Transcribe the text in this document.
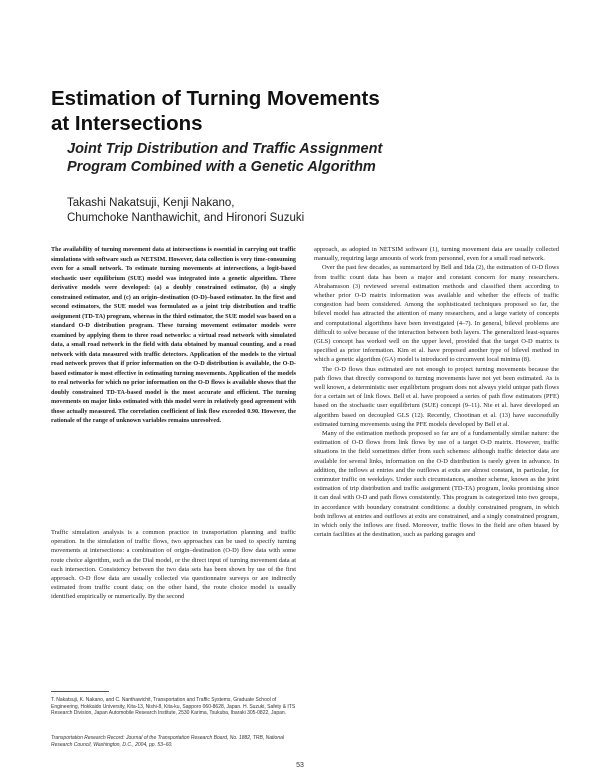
Estimation of Turning Movements
at Intersections
Joint Trip Distribution and Traffic Assignment
Program Combined with a Genetic Algorithm
Takashi Nakatsuji, Kenji Nakano,
Chumchoke Nanthawichit, and Hironori Suzuki

The availability of turning movement data at intersections is essential in carrying out traffic simulations with software such as NETSIM. However, data collection is very time-consuming even for a small network. To estimate turning movements at intersections, a logit-based stochastic user equilibrium (SUE) model was integrated into a genetic algorithm. Three derivative models were developed: (a) a doubly constrained estimator, (b) a singly constrained estimator, and (c) an origin–destination (O-D)–based estimator. In the first and second estimators, the SUE model was formulated as a joint trip distribution and traffic assignment (TD-TA) program, whereas in the third estimator, the SUE model was based on a standard O-D distribution program. These turning movement estimator models were examined by applying them to three road networks: a virtual road network with simulated data, a small road network in the field with data obtained by manual counting, and a road network with data measured with traffic detectors. Application of the models to the virtual road network proves that if prior information on the O-D distribution is available, the O-D-based estimator is most effective in estimating turning movements. Application of the models to real networks for which no prior information on the O-D flows is available shows that the doubly constrained TD-TA-based model is the most accurate and efficient. The turning movements on major links estimated with this model were in relatively good agreement with those actually measured. The correlation coefficient of link flow exceeded 0.90. However, the rationale of the range of unknown variables remains unresolved.

Traffic simulation analysis is a common practice in transportation planning and traffic operation. In the simulation of traffic flows, two approaches can be used to specify turning movements at intersections: a combination of origin–destination (O-D) flow data with some route choice algorithm, such as the Dial model, or the direct input of turning movement data at each intersection. Consistency between the two data sets has been shown by use of the first approach. O-D flow data are usually collected via questionnaire surveys or are indirectly estimated from traffic count data; on the other hand, the route choice model is usually identified empirically or numerically. By the second

approach, as adopted in NETSIM software (1), turning movement data are usually collected manually, requiring large amounts of work from personnel, even for a small road network.

Over the past few decades, as summarized by Bell and Iida (2), the estimation of O-D flows from traffic count data has been a major and constant concern for many researchers. Abrahamsson (3) reviewed several estimation methods and classified them according to whether prior O-D matrix information was available and whether the effects of traffic congestion had been considered. Among the sophisticated techniques proposed so far, the bilevel model has attracted the attention of many researchers, and a large variety of concepts and computational algorithms have been investigated (4–7). In general, bilevel problems are difficult to solve because of the interaction between both layers. The generalized least-squares (GLS) concept has worked well on the upper level, provided that the target O-D matrix is specified as prior information. Kim et al. have proposed another type of bilevel method in which a genetic algorithm (GA) model is introduced to circumvent local minima (8).

The O-D flows thus estimated are not enough to project turning movements because the path flows that directly correspond to turning movements have not yet been estimated. As is well known, a deterministic user equilibrium program does not always yield unique path flows for a certain set of link flows. Bell et al. have proposed a series of path flow estimators (PFE) based on the stochastic user equilibrium (SUE) concept (9–11). Nie et al. have developed an algorithm based on decoupled GLS (12). Recently, Chootinan et al. (13) have successfully estimated turning movements using the PFE models developed by Bell et al.

Many of the estimation methods proposed so far are of a fundamentally similar nature: the estimation of O-D flows from link flows by use of a target O-D matrix. However, traffic situations in the field sometimes differ from such schemes: although traffic detector data are available for several links, information on the O-D distribution is rarely given in advance. In addition, the inflows at entries and the outflows at exits are almost constant, in particular, for commuter traffic on weekdays. Under such circumstances, another scheme, known as the joint estimation of trip distribution and traffic assignment (TD-TA) program, looks promising since it can deal with O-D and path flows consistently. This program is categorized into two groups, in accordance with boundary constraint conditions: a doubly constrained program, in which both inflows at entries and outflows at exits are constrained, and a singly constrained program, in which only the inflows are fixed. Moreover, traffic flows in the field are often biased by certain facilities at the destination, such as parking garages and

T. Nakatsuji, K. Nakano, and C. Nanthawichit, Transportation and Traffic Systems, Graduate School of Engineering, Hokkaido University, Kita-13, Nishi-8, Kita-ku, Sapporo 060-8628, Japan. H. Suzuki, Safety & ITS Research Division, Japan Automobile Research Institute, 2530 Karima, Tsukuba, Ibaraki 305-0822, Japan.

Transportation Research Record: Journal of the Transportation Research Board, No. 1882, TRB, National Research Council, Washington, D.C., 2004, pp. 53–60.

53
